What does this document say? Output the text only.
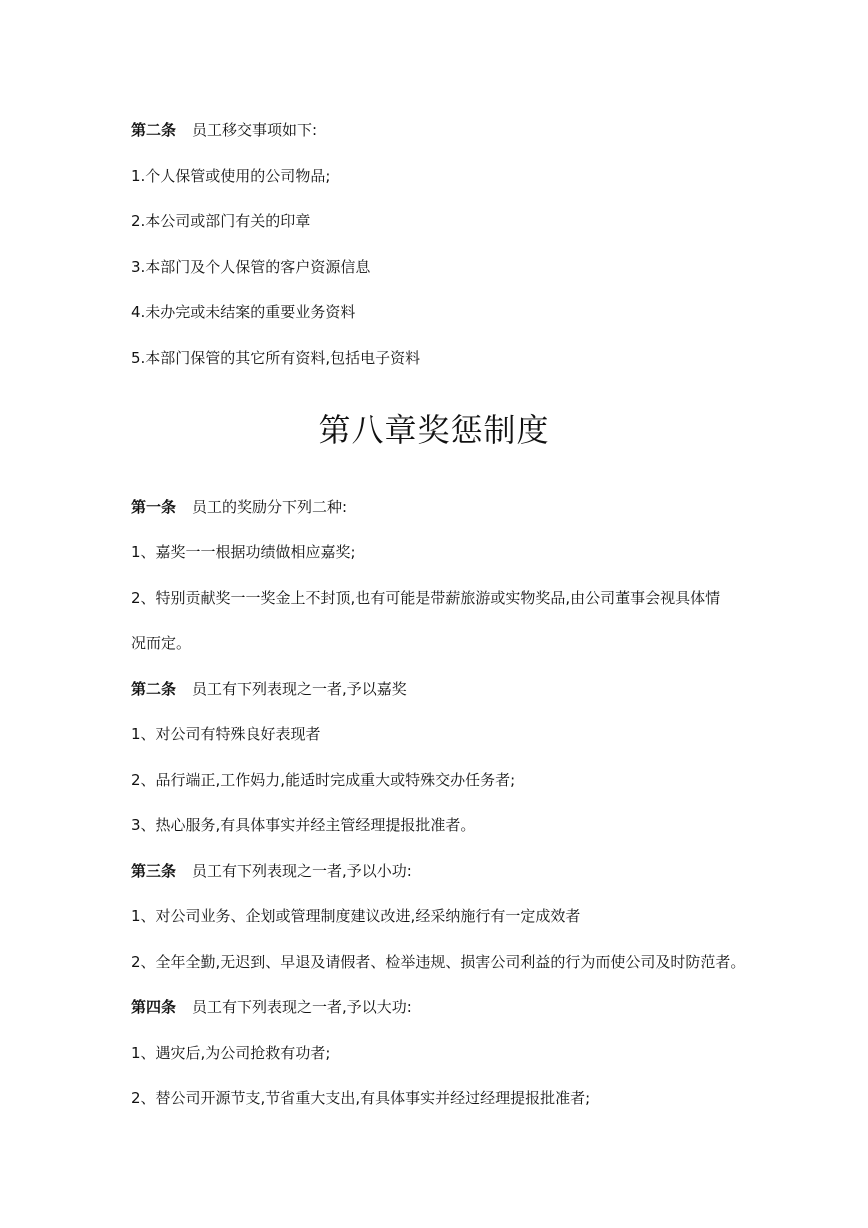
第二条 员工移交事项如下:
1.个人保管或使用的公司物品;
2.本公司或部门有关的印章
3.本部门及个人保管的客户资源信息
4.未办完或未结案的重要业务资料
5.本部门保管的其它所有资料,包括电子资料
第八章奖惩制度
第一条 员工的奖励分下列二种:
1、嘉奖一一根据功绩做相应嘉奖;
2、特别贡献奖一一奖金上不封顶,也有可能是带薪旅游或实物奖品,由公司董事会视具体情
况而定。
第二条 员工有下列表现之一者,予以嘉奖
1、对公司有特殊良好表现者
2、品行端正,工作妈力,能适时完成重大或特殊交办任务者;
3、热心服务,有具体事实并经主管经理提报批准者。
第三条 员工有下列表现之一者,予以小功:
1、对公司业务、企划或管理制度建议改进,经采纳施行有一定成效者
2、全年全勤,无迟到、早退及请假者、检举违规、损害公司利益的行为而使公司及时防范者。
第四条 员工有下列表现之一者,予以大功:
1、遇灾后,为公司抢救有功者;
2、替公司开源节支,节省重大支出,有具体事实并经过经理提报批准者;
